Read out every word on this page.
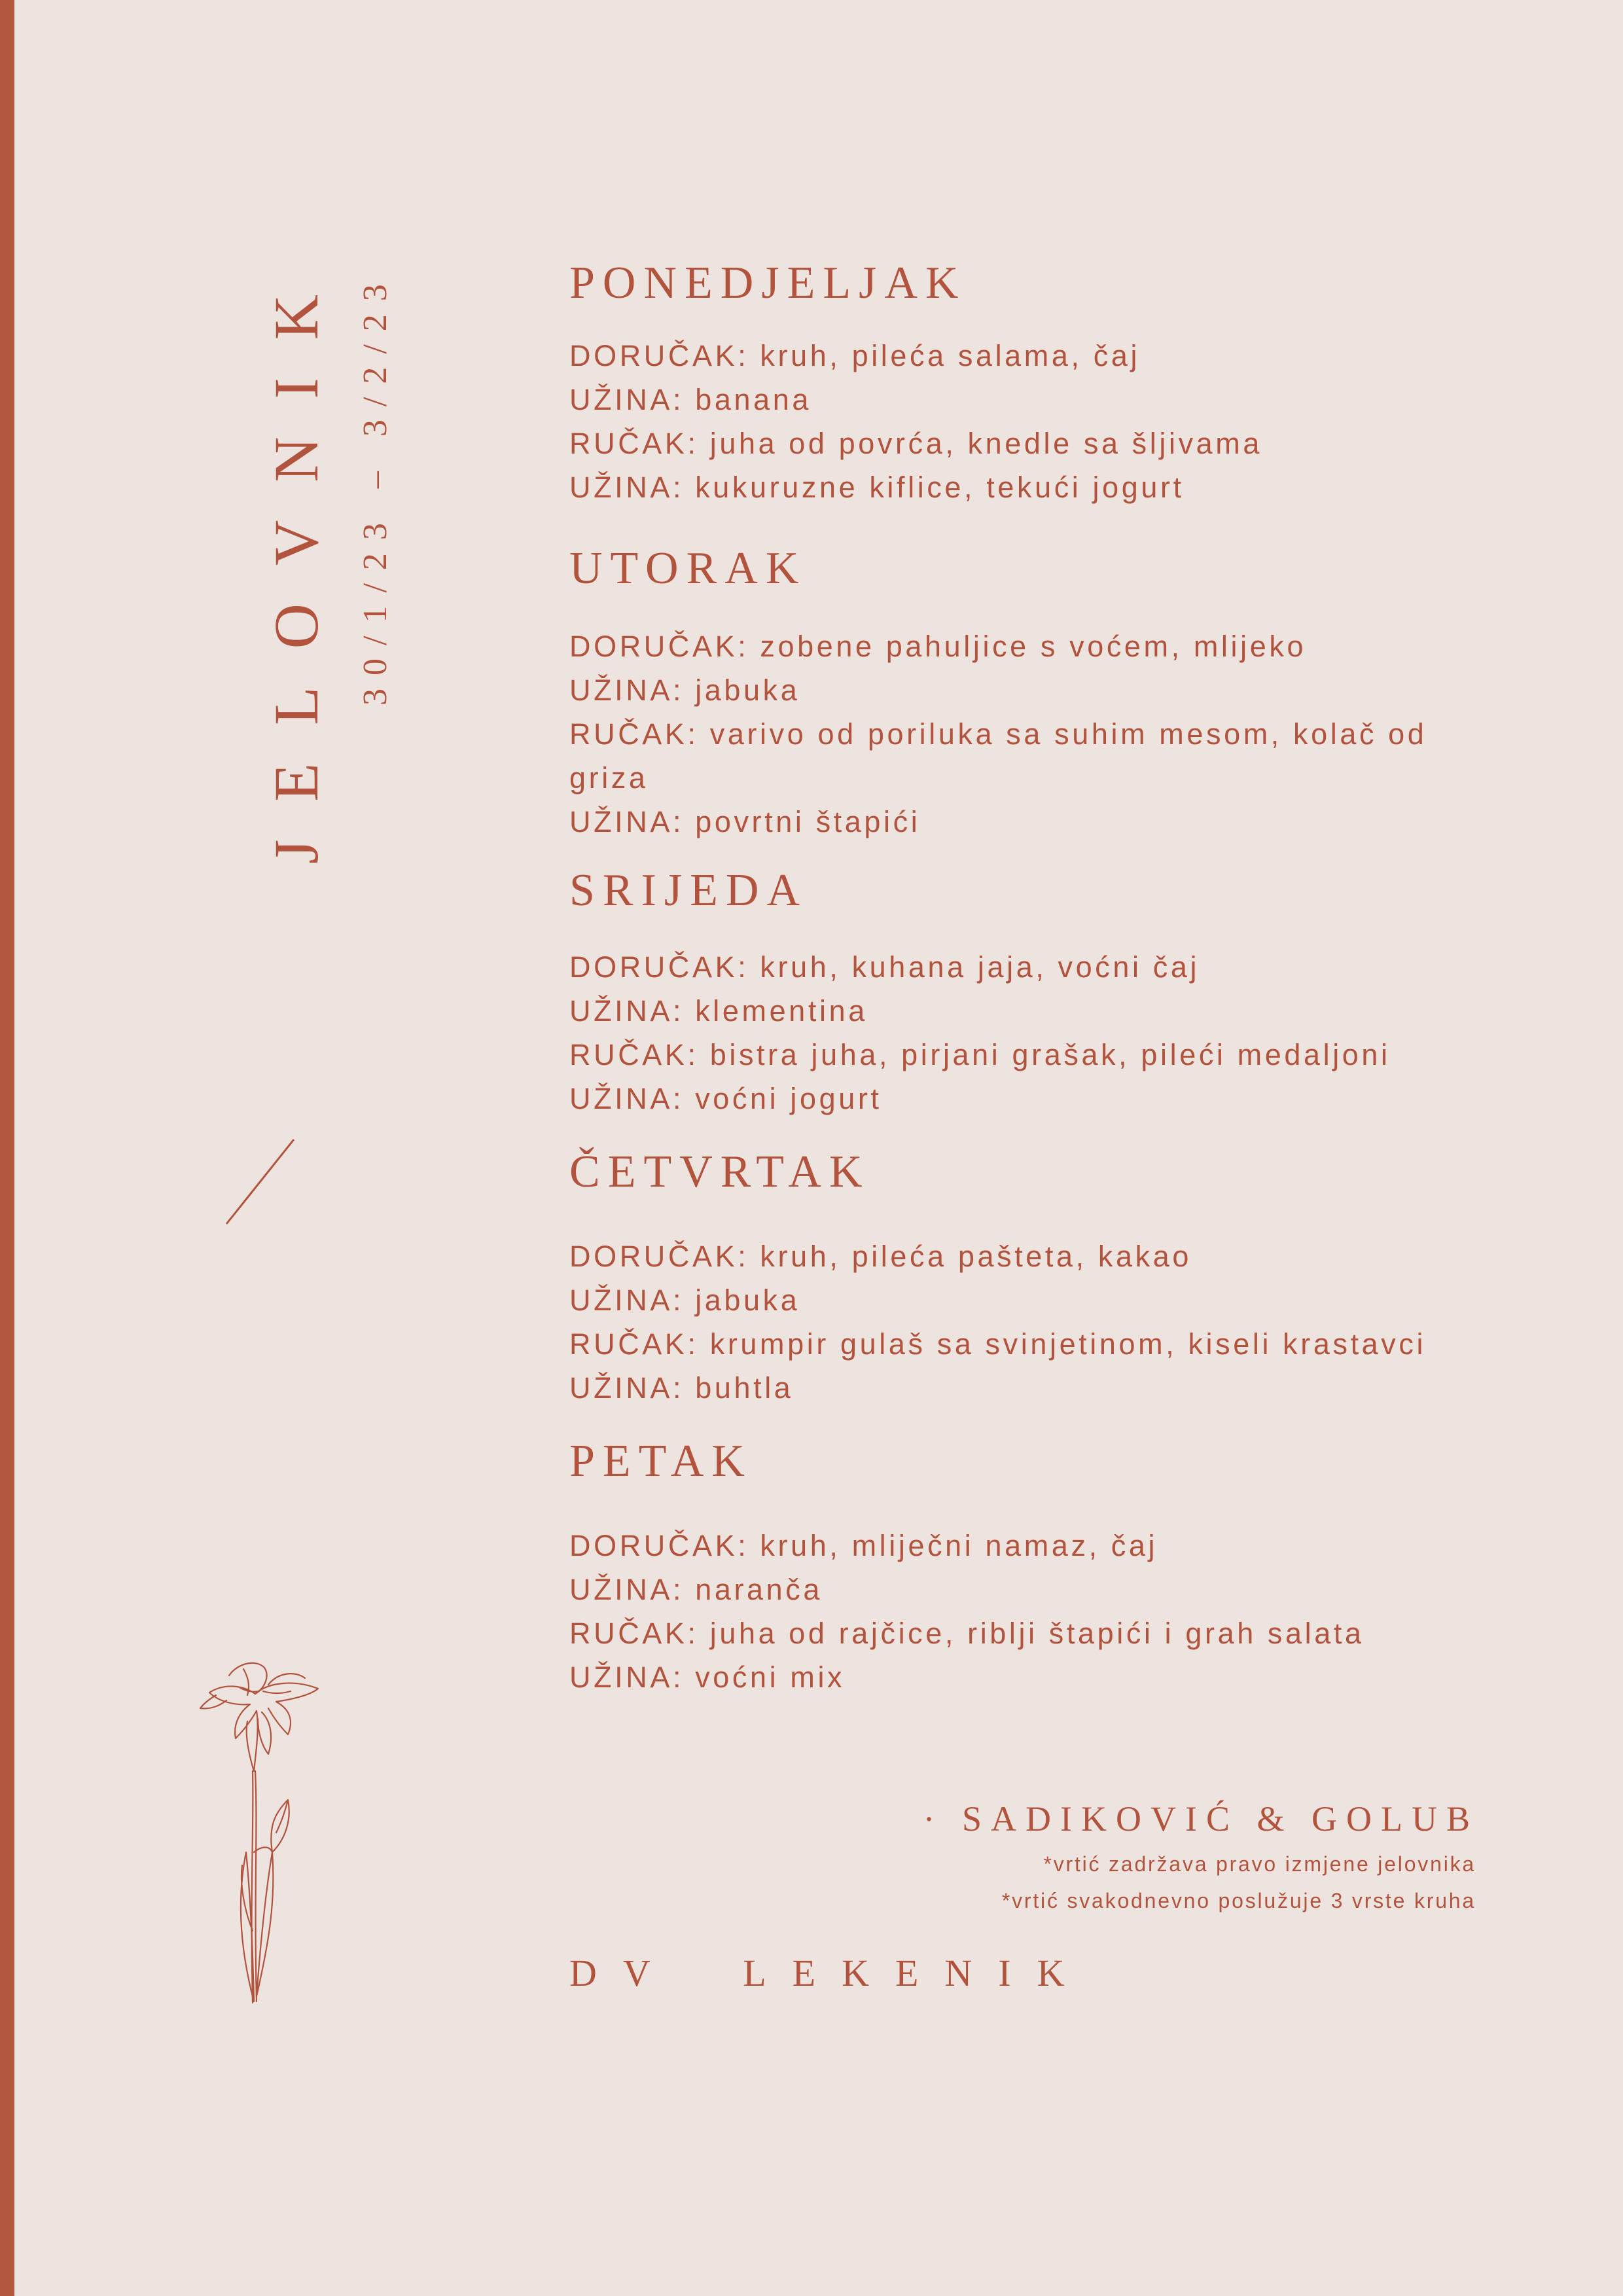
JELOVNIK 30/1/23 – 3/2/23	PONEDJELJAK
DORUČAK: kruh, pileća salama, čaj
UŽINA: banana
RUČAK: juha od povrća, knedle sa šljivama
UŽINA: kukuruzne kiflice, tekući jogurt
UTORAK
DORUČAK: zobene pahuljice s voćem, mlijeko
UŽINA: jabuka
RUČAK: varivo od poriluka sa suhim mesom, kolač od griza
UŽINA: povrtni štapići
SRIJEDA
DORUČAK: kruh, kuhana jaja, voćni čaj
UŽINA: klementina
RUČAK: bistra juha, pirjani grašak, pileći medaljoni
UŽINA: voćni jogurt
ČETVRTAK
DORUČAK: kruh, pileća pašteta, kakao
UŽINA: jabuka
RUČAK: krumpir gulaš sa svinjetinom, kiseli krastavci
UŽINA: buhtla
PETAK
DORUČAK: kruh, mliječni namaz, čaj
UŽINA: naranča
RUČAK: juha od rajčice, riblji štapići i grah salata
UŽINA: voćni mix
· SADIKOVIĆ & GOLUB
*vrtić zadržava pravo izmjene jelovnika
*vrtić svakodnevno poslužuje 3 vrste kruha
DV LEKENIK
